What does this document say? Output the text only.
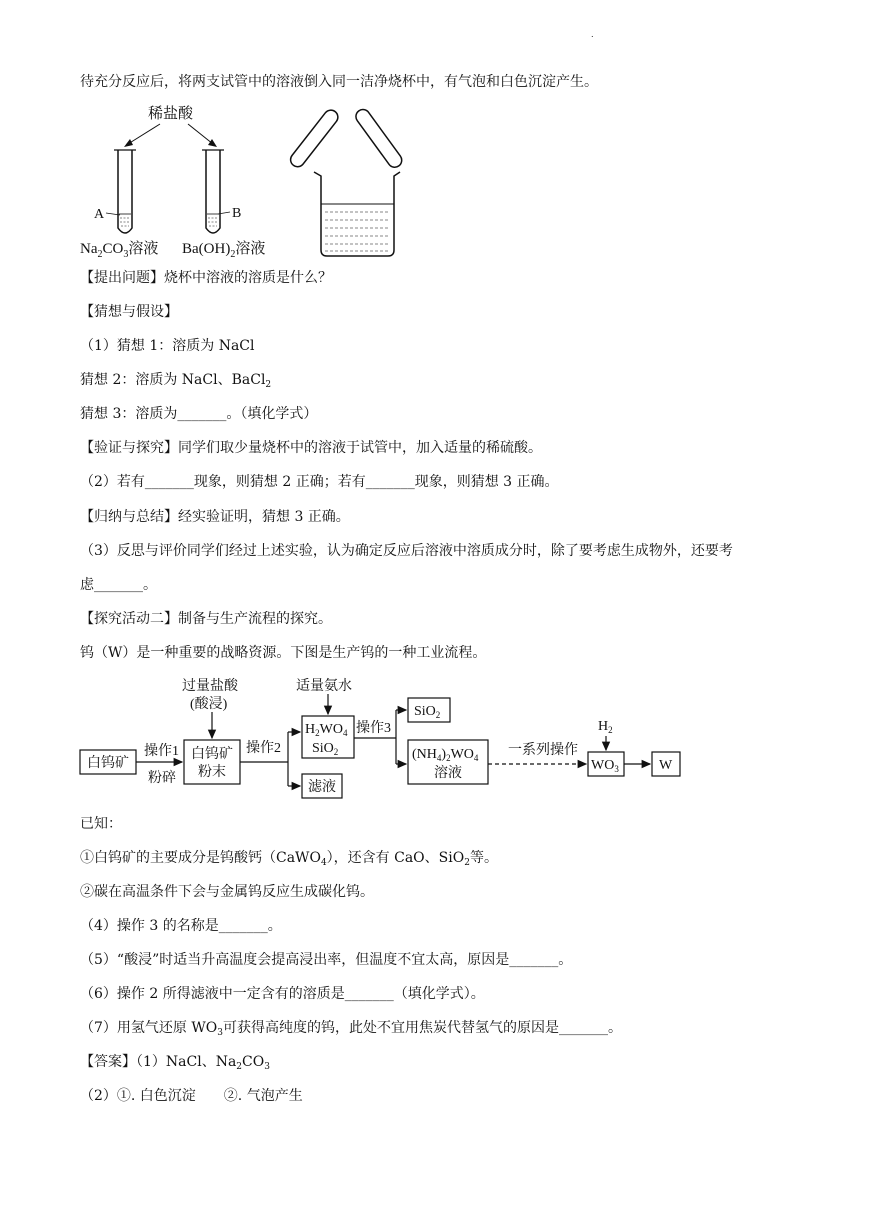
.
待充分反应后，将两支试管中的溶液倒入同一洁净烧杯中，有气泡和白色沉淀产生。
稀盐酸
A	B
$Na_2CO_3$溶液 $Ba(OH)_2$溶液
【提出问题】烧杯中溶液的溶质是什么？
【猜想与假设】
（1）猜想 1：溶质为 NaCl
猜想 2：溶质为 NaCl、BaCl$_2$
猜想 3：溶质为_______。（填化学式）
【验证与探究】同学们取少量烧杯中的溶液于试管中，加入适量的稀硫酸。
（2）若有_______现象，则猜想 2 正确；若有_______现象，则猜想 3 正确。
【归纳与总结】经实验证明，猜想 3 正确。
（3）反思与评价同学们经过上述实验，认为确定反应后溶液中溶质成分时，除了要考虑生成物外，还要考
虑_______。
【探究活动二】制备与生产流程的探究。
钨（W）是一种重要的战略资源。下图是生产钨的一种工业流程。
白钨矿
操作1
粉碎
白钨矿
粉末
过量盐酸
(酸浸)
操作2
适量氨水
$H_2WO_4$
SiO$_2$
滤液
操作3
SiO$_2$
$(NH_4)_2WO_4$
溶液
一系列操作
$H_2$
$WO_3$	W
已知：
①白钨矿的主要成分是钨酸钙（CaWO$_4$），还含有 CaO、SiO$_2$等。
②碳在高温条件下会与金属钨反应生成碳化钨。
（4）操作 3 的名称是_______。
（5）“酸浸”时适当升高温度会提高浸出率，但温度不宜太高，原因是_______。
（6）操作 2 所得滤液中一定含有的溶质是_______（填化学式）。
（7）用氢气还原 $WO_3$可获得高纯度的钨，此处不宜用焦炭代替氢气的原因是_______。
【答案】（1）NaCl、$Na_2CO_3$
（2）①. 白色沉淀　　②. 气泡产生
